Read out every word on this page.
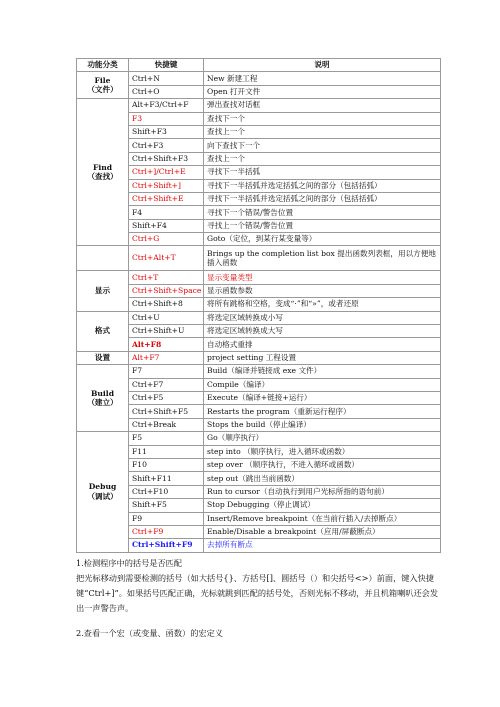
功能分类	快捷键	说明

File
（文件）	Ctrl+N	New 新建工程
	Ctrl+O	Open 打开文件

Find
（查找）	Alt+F3/Ctrl+F	弹出查找对话框
	F3	查找下一个
	Shift+F3	查找上一个
	Ctrl+F3	向下查找下一个
	Ctrl+Shift+F3	查找上一个
	Ctrl+]/Ctrl+E	寻找下一半括弧
	Ctrl+Shift+]	寻找下一半括弧并选定括弧之间的部分（包括括弧）
	Ctrl+Shift+E	寻找下一半括弧并选定括弧之间的部分（包括括弧）
	F4	寻找下一个错误/警告位置
	Shift+F4	寻找上一个错误/警告位置
	Ctrl+G	Goto（定位，到某行某变量等）
	Ctrl+Alt+T	Brings up the completion list box 提出函数列表框，用以方便地插入函数
显示	Ctrl+T	显示变量类型
	Ctrl+Shift+Space	显示函数参数
	Ctrl+Shift+8	将所有跳格和空格，变成“·”和“»”，或者还原
格式	Ctrl+U	将选定区域转换成小写
	Ctrl+Shift+U	将选定区域转换成大写
	Alt+F8	自动格式重排
设置	Alt+F7	project setting 工程设置

Build
（建立）	F7	Build（编译并链接成 exe 文件）
	Ctrl+F7	Compile（编译）
	Ctrl+F5	Execute（编译+链接+运行）
	Ctrl+Shift+F5	Restarts the program（重新运行程序）
	Ctrl+Break	Stops the build（停止编译）

Debug
（调试）	F5	Go（顺序执行）
	F11	step into （顺序执行，进入循环或函数）
	F10	step over （顺序执行，不进入循环或函数）
	Shift+F11	step out（跳出当前函数）
	Ctrl+F10	Run to cursor（自动执行到用户光标所指的语句前）
	Shift+F5	Stop Debugging（停止调试）
	F9	Insert/Remove breakpoint（在当前行插入/去掉断点）
	Ctrl+F9	Enable/Disable a breakpoint（应用/屏蔽断点）
	Ctrl+Shift+F9	去掉所有断点
1.检测程序中的括号是否匹配
把光标移动到需要检测的括号（如大括号{}、方括号[]、圆括号（）和尖括号<>）前面，键入快捷键“Ctrl+]”。如果括号匹配正确，光标就跳到匹配的括号处，否则光标不移动，并且机箱喇叭还会发出一声警告声。
2.查看一个宏（或变量、函数）的宏定义
